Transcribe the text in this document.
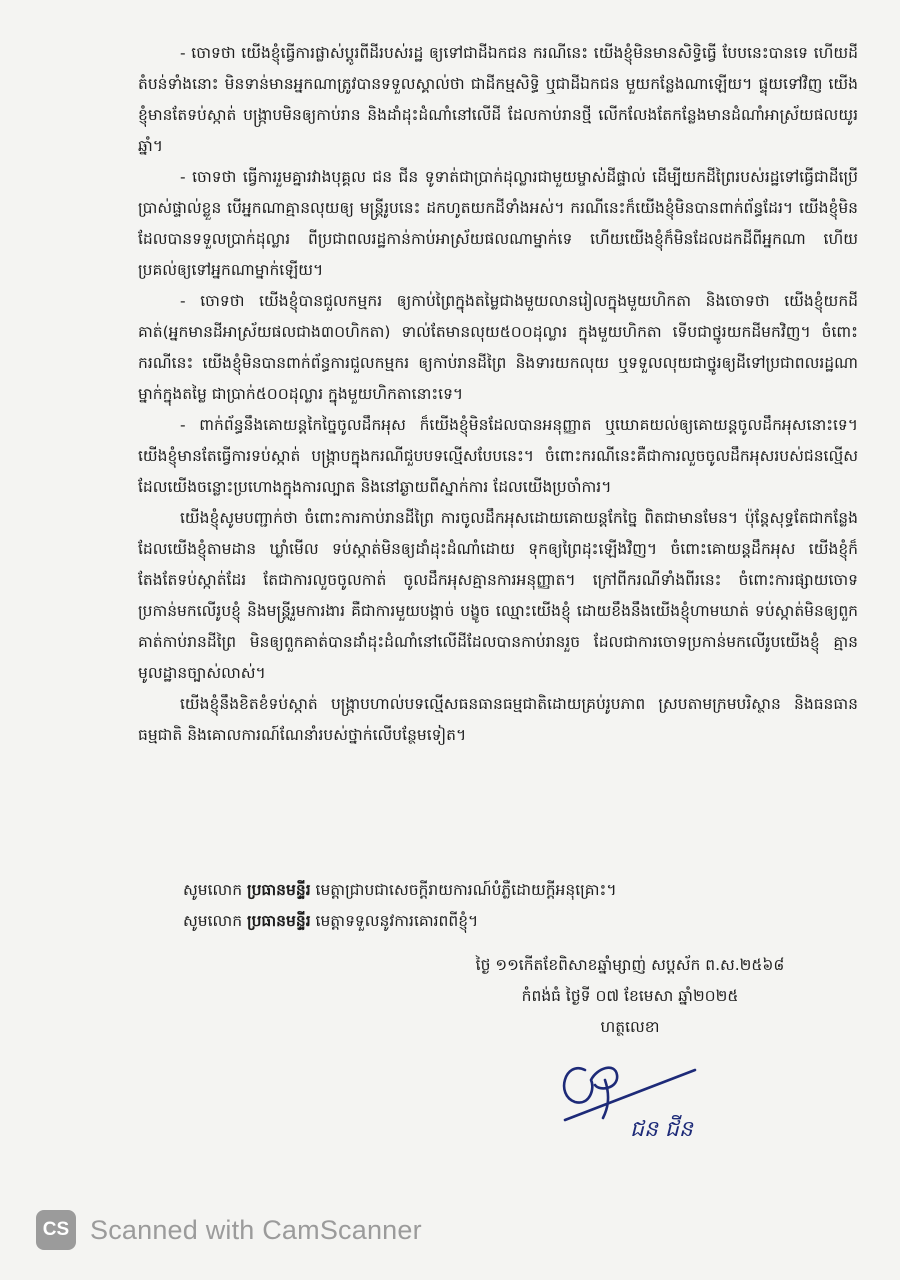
- ចោទថា យើងខ្ញុំធ្វើការផ្លាស់ប្តូរពីដីរបស់រដ្ឋ ឲ្យទៅជាដីឯកជន ករណីនេះ យើងខ្ញុំមិនមានសិទ្ធិធ្វើ បែបនេះបានទេ ហើយដីតំបន់ទាំងនោះ មិនទាន់មានអ្នកណាត្រូវបានទទួលស្គាល់ថា ជាដីកម្មសិទ្ធិ ឬជាដីឯកជន មួយកន្លែងណាឡើយ។ ផ្ទុយទៅវិញ យើងខ្ញុំមានតែទប់ស្កាត់ បង្ក្រាបមិនឲ្យកាប់រាន និងដាំដុះដំណាំនៅលើដី ដែលកាប់រានថ្មី លើកលែងតែកន្លែងមានដំណាំអាស្រ័យផលយូរឆ្នាំ។

- ចោទថា ធ្វើការរួមគ្នារវាងបុគ្គល ជន ជីន ទូទាត់ជាប្រាក់ដុល្លារជាមួយម្ចាស់ដីផ្ទាល់ ដើម្បីយកដីព្រៃរបស់រដ្ឋទៅធ្វើជាដីប្រើប្រាស់ផ្ទាល់ខ្លួន បើអ្នកណាគ្មានលុយឲ្យ មន្ត្រីរូបនេះ ដកហូតយកដីទាំងអស់។ ករណីនេះក៏យើងខ្ញុំមិនបានពាក់ព័ន្ធដែរ។ យើងខ្ញុំមិនដែលបានទទួលប្រាក់ដុល្លារ ពីប្រជាពលរដ្ឋកាន់កាប់អាស្រ័យផលណាម្នាក់ទេ ហើយយើងខ្ញុំក៏មិនដែលដកដីពីអ្នកណា ហើយប្រគល់ឲ្យទៅអ្នកណាម្នាក់ឡើយ។

- ចោទថា យើងខ្ញុំបានជួលកម្មករ ឲ្យកាប់ព្រៃក្នុងតម្លៃជាងមួយលានរៀលក្នុងមួយហិកតា និងចោទថា យើងខ្ញុំយកដីគាត់(អ្នកមានដីអាស្រ័យផលជាង៣០ហិកតា) ទាល់តែមានលុយ៥០០ដុល្លារ ក្នុងមួយហិកតា ទើបជាថ្នូរយកដីមកវិញ។ ចំពោះករណីនេះ យើងខ្ញុំមិនបានពាក់ព័ន្ធការជួលកម្មករ ឲ្យកាប់រានដីព្រៃ និងទារយកលុយ ឬទទួលលុយជាថ្នូរឲ្យដីទៅប្រជាពលរដ្ឋណាម្នាក់ក្នុងតម្លៃ ជាប្រាក់៥០០ដុល្លារ ក្នុងមួយហិកតានោះទេ។

- ពាក់ព័ន្ធនឹងគោយន្តកៃច្នៃចូលដឹកអុស ក៏យើងខ្ញុំមិនដែលបានអនុញ្ញាត ឬឃោគយល់ឲ្យគោយន្តចូលដឹកអុសនោះទេ។ យើងខ្ញុំមានតែធ្វើការទប់ស្កាត់ បង្ក្រាបក្នុងករណីជួបបទល្មើសបែបនេះ។ ចំពោះករណីនេះគឺជាការលួចចូលដឹកអុសរបស់ជនល្មើស ដែលយើងចន្លោះប្រហោងក្នុងការល្បាត និងនៅឆ្ងាយពីស្នាក់ការ ដែលយើងប្រចាំការ។

យើងខ្ញុំសូមបញ្ជាក់ថា ចំពោះការកាប់រានដីព្រៃ ការចូលដឹកអុសដោយគោយន្តកែច្នៃ ពិតជាមានមែន។ ប៉ុន្តែសុទ្ធតែជាកន្លែងដែលយើងខ្ញុំតាមដាន ឃ្លាំមើល ទប់ស្កាត់មិនឲ្យដាំដុះដំណាំដោយ ទុកឲ្យព្រៃដុះឡើងវិញ។ ចំពោះគោយន្តដឹកអុស យើងខ្ញុំក៏តែងតែទប់ស្កាត់ដែរ តែជាការលួចចូលកាត់ ចូលដឹកអុសគ្មានការអនុញ្ញាត។ ក្រៅពីករណីទាំងពីរនេះ ចំពោះការផ្សាយចោទប្រកាន់មកលើរូបខ្ញុំ និងមន្ត្រីរួមការងារ គឺជាការមួយបង្កាច់ បង្ខូច ឈ្មោះយើងខ្ញុំ ដោយខឹងនឹងយើងខ្ញុំហាមឃាត់ ទប់ស្កាត់មិនឲ្យពួកគាត់កាប់រានដីព្រៃ មិនឲ្យពួកគាត់បានដាំដុះដំណាំនៅលើដីដែលបានកាប់រានរួច ដែលជាការចោទប្រកាន់មកលើរូបយើងខ្ញុំ គ្មានមូលដ្ឋានច្បាស់លាស់។

យើងខ្ញុំនឹងខិតខំទប់ស្កាត់ បង្ក្រាបហាល់បទល្មើសធនធានធម្មជាតិដោយគ្រប់រូបភាព ស្របតាមក្រមបរិស្ថាន និងធនធានធម្មជាតិ និងគោលការណ៍ណែនាំរបស់ថ្នាក់លើបន្ថែមទៀត។

សូមលោក ប្រធានមន្ទីរ មេត្តាជ្រាបជាសេចក្តីរាយការណ៍បំភ្លឺដោយក្តីអនុគ្រោះ។
សូមលោក ប្រធានមន្ទីរ មេត្តាទទួលនូវការគោរពពីខ្ញុំ។
ថ្ងៃ ១១កើតខែពិសាខឆ្នាំម្សាញ់ សប្តស័ក ព.ស.២៥៦៨
កំពង់ធំ ថ្ងៃទី ០៧ ខែមេសា ឆ្នាំ២០២៥
ហត្ថលេខា
ជន ជីន
CS Scanned with CamScanner
